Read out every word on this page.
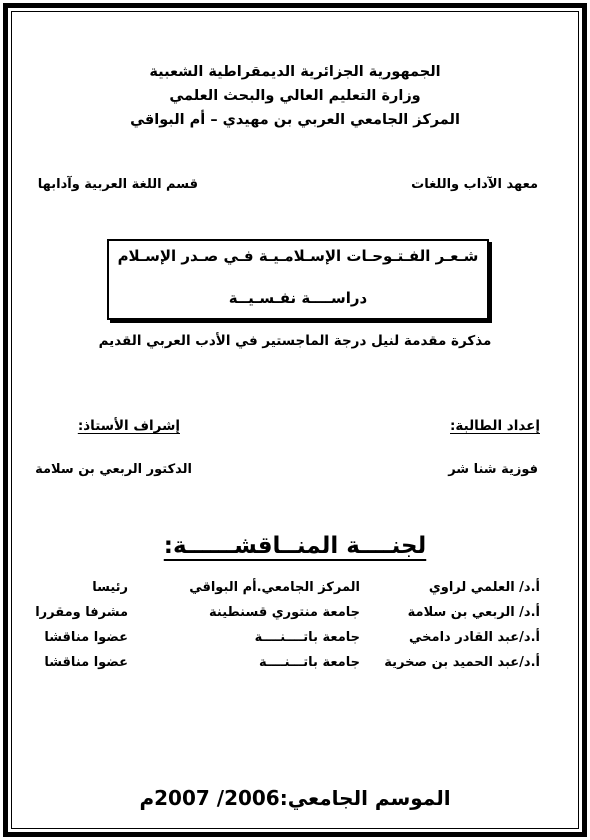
الجمهورية الجزائرية الديمقراطية الشعبية
وزارة التعليم العالي والبحث العلمي
المركز الجامعي العربي بن مهيدي – أم البواقي
معهد الآداب واللغات
قسم اللغة العربية وآدابها
شـعـر الفـتـوحـات الإسـلامـيـة فـي صـدر الإسـلام
دراســــة نفـسـيــة
مذكرة مقدمة لنيل درجة الماجستير في الأدب العربي القديم
إعداد الطالبة:
إشراف الأستاذ:
فوزية شنا شر
الدكتور الربعي بن سلامة
لجنــــة المنــاقشــــــة:
أ.د/ العلمي لراوي
المركز الجامعي.أم البواقي
رئيسا
أ.د/ الربعي بن سلامة
جامعة منتوري قسنطينة
مشرفا ومقررا
أ.د/عبد القادر دامخي
جامعة باتــــنــــة
عضوا مناقشا
أ.د/عبد الحميد بن صخرية
جامعة باتـــنــــة
عضوا مناقشا
الموسم الجامعي:2006/ 2007م
